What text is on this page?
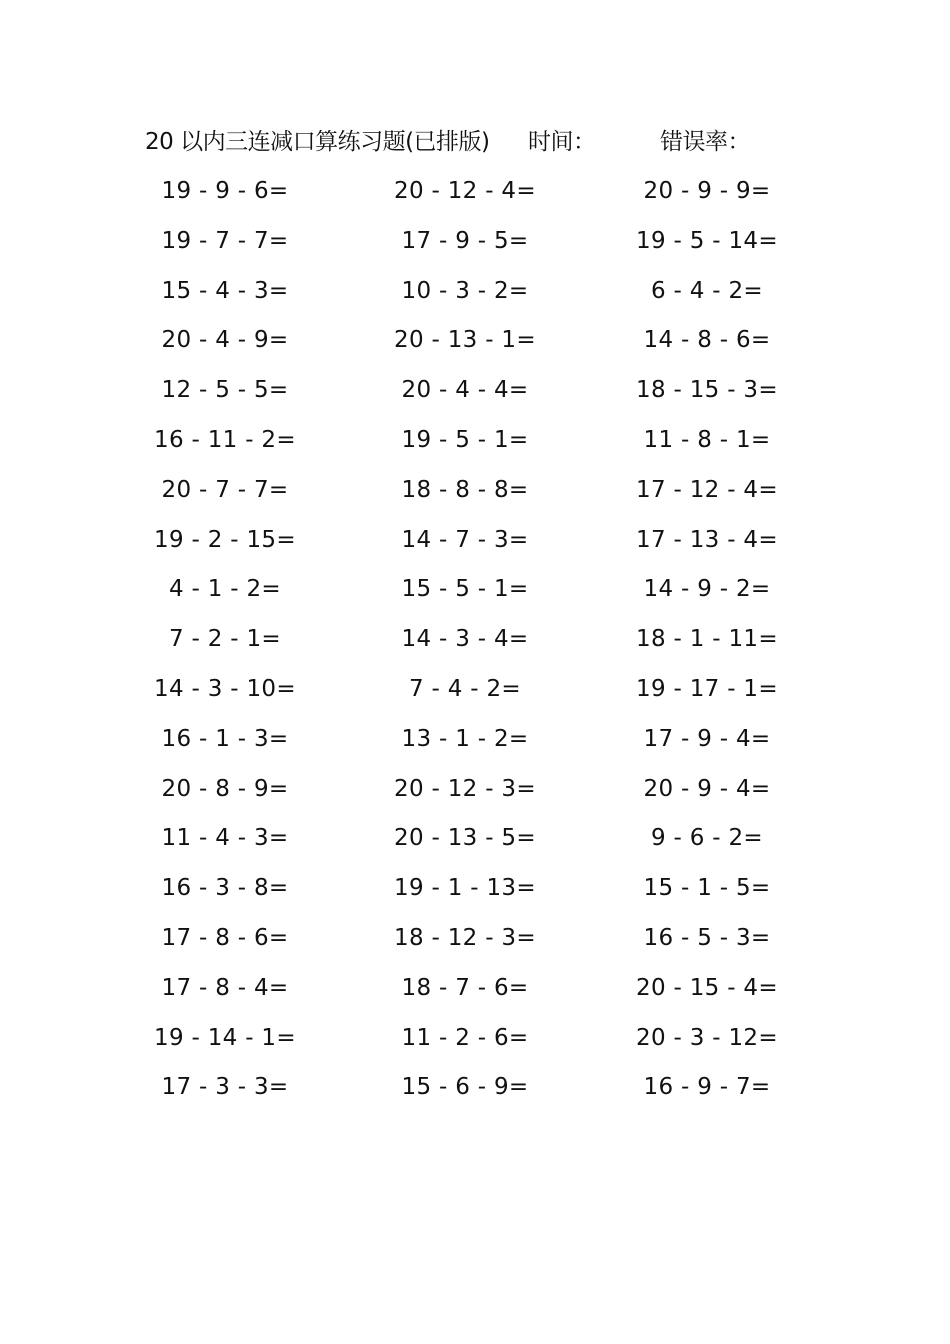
20 以内三连减口算练习题(已排版) 时间：	错误率：
19 - 9 - 6=
19 - 7 - 7=
15 - 4 - 3=
20 - 4 - 9=
12 - 5 - 5=
16 - 11 - 2=
20 - 7 - 7=
19 - 2 - 15=
4 - 1 - 2=
7 - 2 - 1=
14 - 3 - 10=
16 - 1 - 3=
20 - 8 - 9=
11 - 4 - 3=
16 - 3 - 8=
17 - 8 - 6=
17 - 8 - 4=
19 - 14 - 1=
17 - 3 - 3=
20 - 12 - 4=
17 - 9 - 5=
10 - 3 - 2=
20 - 13 - 1=
20 - 4 - 4=
19 - 5 - 1=
18 - 8 - 8=
14 - 7 - 3=
15 - 5 - 1=
14 - 3 - 4=
7 - 4 - 2=
13 - 1 - 2=
20 - 12 - 3=
20 - 13 - 5=
19 - 1 - 13=
18 - 12 - 3=
18 - 7 - 6=
11 - 2 - 6=
15 - 6 - 9=
20 - 9 - 9=
19 - 5 - 14=
6 - 4 - 2=
14 - 8 - 6=
18 - 15 - 3=
11 - 8 - 1=
17 - 12 - 4=
17 - 13 - 4=
14 - 9 - 2=
18 - 1 - 11=
19 - 17 - 1=
17 - 9 - 4=
20 - 9 - 4=
9 - 6 - 2=
15 - 1 - 5=
16 - 5 - 3=
20 - 15 - 4=
20 - 3 - 12=
16 - 9 - 7=
